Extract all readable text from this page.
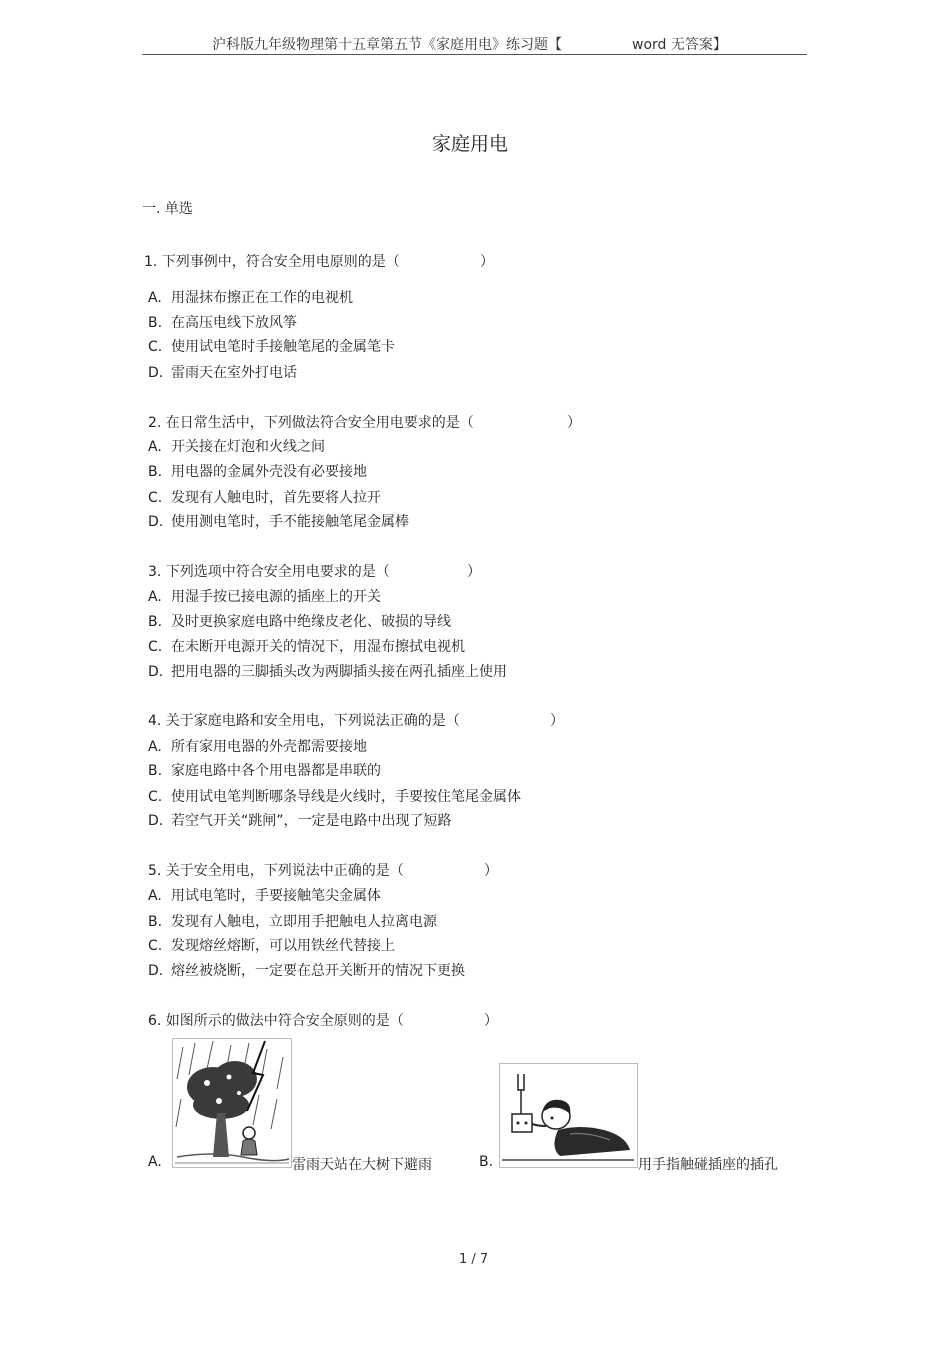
沪科版九年级物理第十五章第五节《家庭用电》练习题【	word 无答案】
家庭用电
一. 单选
1. 下列事例中，符合安全用电原则的是（	）
A. 用湿抹布擦正在工作的电视机
B. 在高压电线下放风筝
C. 使用试电笔时手接触笔尾的金属笔卡
D. 雷雨天在室外打电话
2. 在日常生活中，下列做法符合安全用电要求的是（	）
A. 开关接在灯泡和火线之间
B. 用电器的金属外壳没有必要接地
C. 发现有人触电时，首先要将人拉开
D. 使用测电笔时，手不能接触笔尾金属棒
3. 下列选项中符合安全用电要求的是（	）
A. 用湿手按已接电源的插座上的开关
B. 及时更换家庭电路中绝缘皮老化、破损的导线
C. 在未断开电源开关的情况下，用湿布擦拭电视机
D. 把用电器的三脚插头改为两脚插头接在两孔插座上使用
4. 关于家庭电路和安全用电，下列说法正确的是（	）
A. 所有家用电器的外壳都需要接地
B. 家庭电路中各个用电器都是串联的
C. 使用试电笔判断哪条导线是火线时，手要按住笔尾金属体
D. 若空气开关“跳闸”，一定是电路中出现了短路
5. 关于安全用电，下列说法中正确的是（	）
A. 用试电笔时，手要接触笔尖金属体
B. 发现有人触电，立即用手把触电人拉离电源
C. 发现熔丝熔断，可以用铁丝代替接上
D. 熔丝被烧断，一定要在总开关断开的情况下更换
6. 如图所示的做法中符合安全原则的是（	）
A.	雷雨天站在大树下避雨	B.	用手指触碰插座的插孔
1 / 7
